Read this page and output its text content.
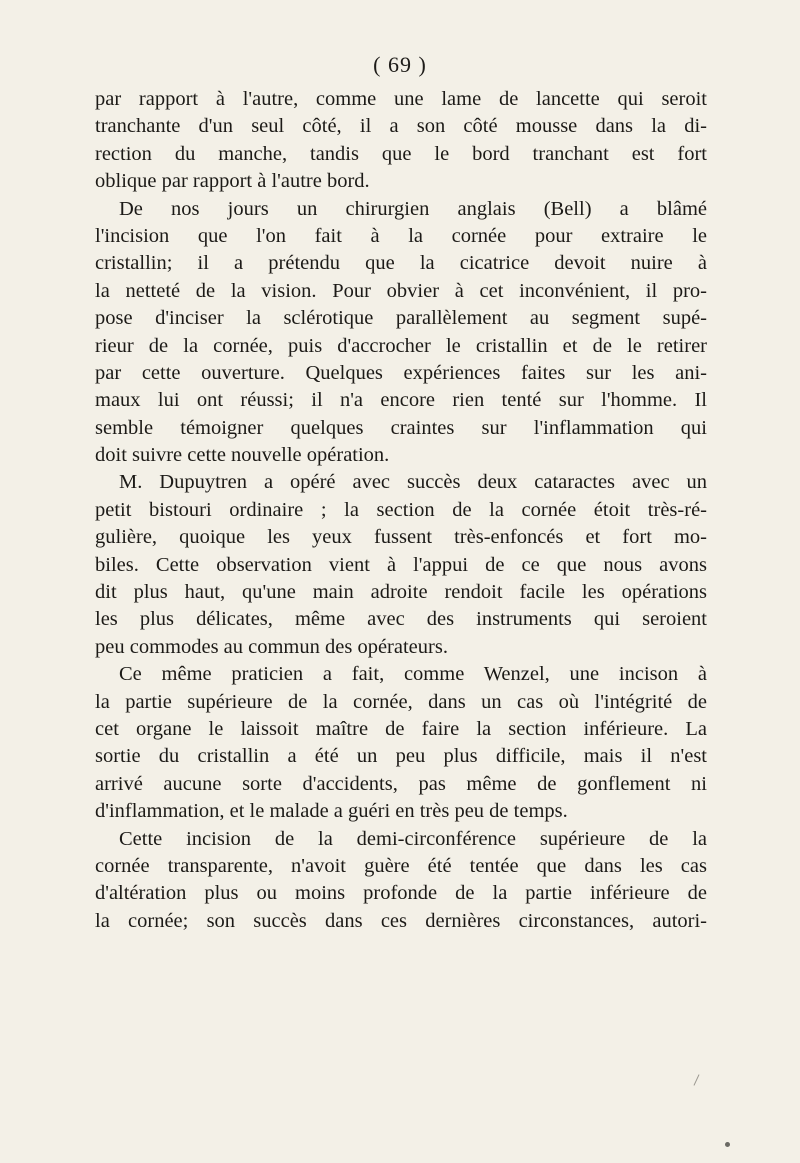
( 69 )
par rapport à l'autre, comme une lame de lancette qui seroit
tranchante d'un seul côté, il a son côté mousse dans la di-
rection du manche, tandis que le bord tranchant est fort
oblique par rapport à l'autre bord.
De nos jours un chirurgien anglais (Bell) a blâmé
l'incision que l'on fait à la cornée pour extraire le
cristallin; il a prétendu que la cicatrice devoit nuire à
la netteté de la vision. Pour obvier à cet inconvénient, il pro-
pose d'inciser la sclérotique parallèlement au segment supé-
rieur de la cornée, puis d'accrocher le cristallin et de le retirer
par cette ouverture. Quelques expériences faites sur les ani-
maux lui ont réussi; il n'a encore rien tenté sur l'homme. Il
semble témoigner quelques craintes sur l'inflammation qui
doit suivre cette nouvelle opération.
M. Dupuytren a opéré avec succès deux cataractes avec un
petit bistouri ordinaire ; la section de la cornée étoit très-ré-
gulière, quoique les yeux fussent très-enfoncés et fort mo-
biles. Cette observation vient à l'appui de ce que nous avons
dit plus haut, qu'une main adroite rendoit facile les opérations
les plus délicates, même avec des instruments qui seroient
peu commodes au commun des opérateurs.
Ce même praticien a fait, comme Wenzel, une incison à
la partie supérieure de la cornée, dans un cas où l'intégrité de
cet organe le laissoit maître de faire la section inférieure. La
sortie du cristallin a été un peu plus difficile, mais il n'est
arrivé aucune sorte d'accidents, pas même de gonflement ni
d'inflammation, et le malade a guéri en très peu de temps.
Cette incision de la demi-circonférence supérieure de la
cornée transparente, n'avoit guère été tentée que dans les cas
d'altération plus ou moins profonde de la partie inférieure de
la cornée; son succès dans ces dernières circonstances, autori-
